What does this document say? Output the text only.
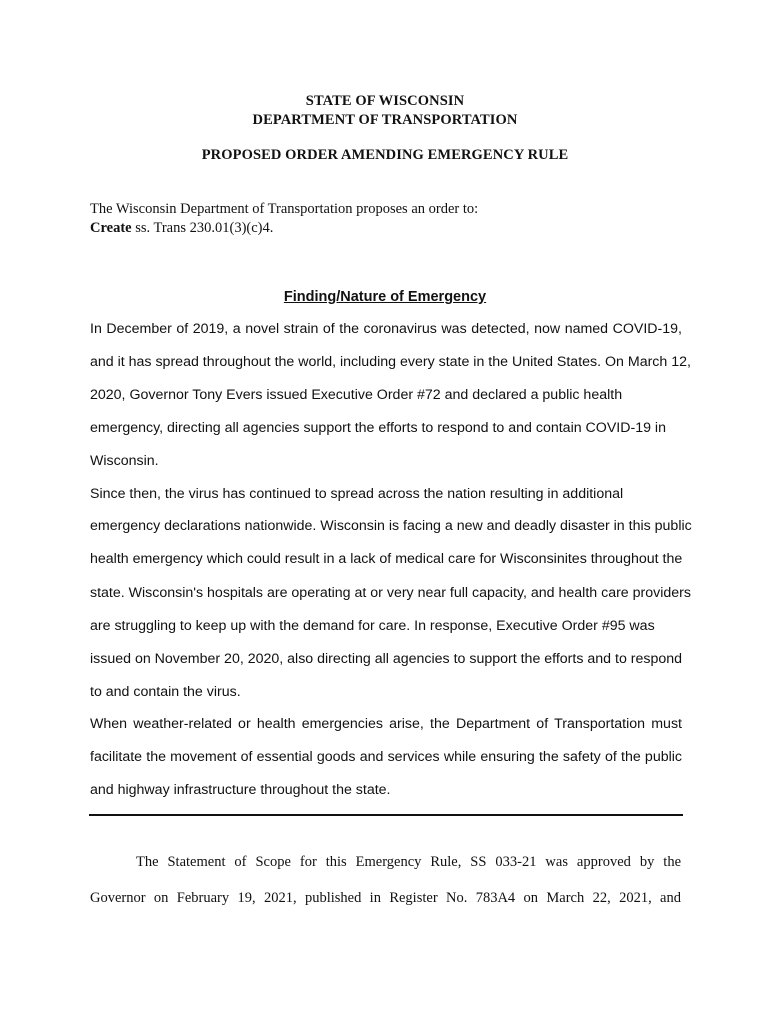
STATE OF WISCONSIN
DEPARTMENT OF TRANSPORTATION
PROPOSED ORDER AMENDING EMERGENCY RULE
The Wisconsin Department of Transportation proposes an order to:
Create ss. Trans 230.01(3)(c)4.
Finding/Nature of Emergency
In December of 2019, a novel strain of the coronavirus was detected, now named COVID-19,
and it has spread throughout the world, including every state in the United States. On March 12,
2020, Governor Tony Evers issued Executive Order #72 and declared a public health
emergency, directing all agencies support the efforts to respond to and contain COVID-19 in
Wisconsin.
Since then, the virus has continued to spread across the nation resulting in additional
emergency declarations nationwide. Wisconsin is facing a new and deadly disaster in this public
health emergency which could result in a lack of medical care for Wisconsinites throughout the
state. Wisconsin's hospitals are operating at or very near full capacity, and health care providers
are struggling to keep up with the demand for care. In response, Executive Order #95 was
issued on November 20, 2020, also directing all agencies to support the efforts and to respond
to and contain the virus.
When weather-related or health emergencies arise, the Department of Transportation must
facilitate the movement of essential goods and services while ensuring the safety of the public
and highway infrastructure throughout the state.
The Statement of Scope for this Emergency Rule, SS 033-21 was approved by the
Governor on February 19, 2021, published in Register No. 783A4 on March 22, 2021, and
